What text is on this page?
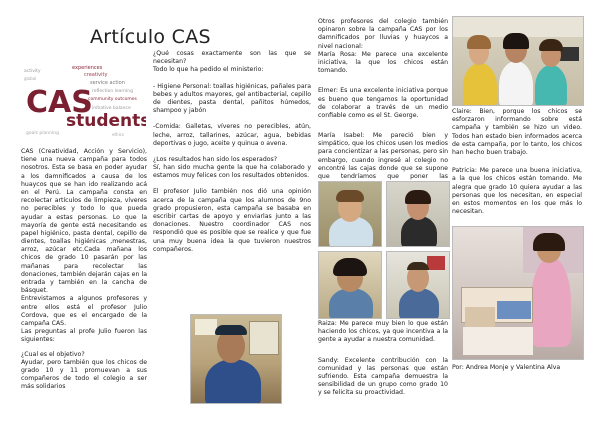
Artículo CAS
experiences
creativity
service action
reflection learning
community outcomes
activity
global
CAS
students
initiative balance
goals planning	ethics

CAS (Creatividad, Acción y Servicio), tiene una nueva campaña para todos nosotros. Esta se basa en poder ayudar a los damnificados a causa de los huaycos que se han ido realizando acá en el Perú. La campaña consta en recolectar artículos de limpieza, víveres no perecibles y todo lo que pueda ayudar a estas personas. Lo que la mayoría de gente está necesitando es papel higiénico, pasta dental, cepillo de dientes, toallas higiénicas ,menestras, arroz, azúcar etc.Cada mañana los chicos de grado 10 pasarán por las mañanas para recolectar las donaciones, también dejarán cajas en la entrada y también en la cancha de básquet.

Entrevistamos a algunos profesores y entre ellos está el profesor Julio Cordova, que es el encargado de la campaña CAS.

Las preguntas al profe Julio fueron las siguientes:

¿Cual es el objetivo?

Ayudar, pero también que los chicos de grado 10 y 11 promuevan a sus compañeros de todo el colegio a ser más solidarios

¿Qué cosas exactamente son las que se necesitan?

Todo lo que ha pedido el ministerio:

- Higiene Personal: toallas higiénicas, pañales para bebes y adultos mayores, gel antibacterial, cepillo de dientes, pasta dental, pañitos húmedos, shampoo y jabón

-Comida: Galletas, víveres no perecibles, atún, leche, arroz, tallarines, azúcar, agua, bebidas deportivas o jugo, aceite y quinua o avena.

¿Los resultados han sido los esperados?

Sí, han sido mucha gente la que ha colaborado y estamos muy felices con los resultados obtenidos.

El profesor Julio también nos dió una opinión acerca de la campaña que los alumnos de 9no grado propusieron, esta campaña se basaba en escribir cartas de apoyo y enviarlas junto a las donaciones. Nuestro coordinador CAS nos respondió que es posible que se realice y que fue una muy buena idea la que tuvieron nuestros compañeros.

Otros profesores del colegio también opinaron sobre la campaña CAS por los damnificados por lluvias y huaycos a nivel nacional:

María Rosa: Me parece una excelente iniciativa, la que los chicos están tomando.

Elmer: Es una excelente iniciativa porque es bueno que tengamos la oportunidad de colaborar a través de un medio confiable como es el St. George.

María Isabel: Me pareció bien y simpático, que los chicos usen los medios para concientizar a las personas, pero sin embargo, cuando ingresé al colegio no encontré las cajas donde que se supone que tendríamos que poner las

Raiza: Me parece muy bien lo que están haciendo los chicos, ya que incentiva a la gente a ayudar a nuestra comunidad.

Sandy: Excelente contribución con la comunidad y las personas que están sufriendo. Esta campaña demuestra la sensibilidad de un grupo como grado 10 y se felicita su proactividad.

Claire: Bien, porque los chicos se esforzaron informando sobre está campaña y también se hizo un video. Todos han estado bien informados acerca de esta campaña, por lo tanto, los chicos han hecho buen trabajo.

Patricia: Me parece una buena iniciativa, a la que los chicos están tomando. Me alegra que grado 10 quiera ayudar a las personas que los necesitan, en especial en estos momentos en los que más lo necesitan.

Por: Andrea Monje y Valentina Alva
